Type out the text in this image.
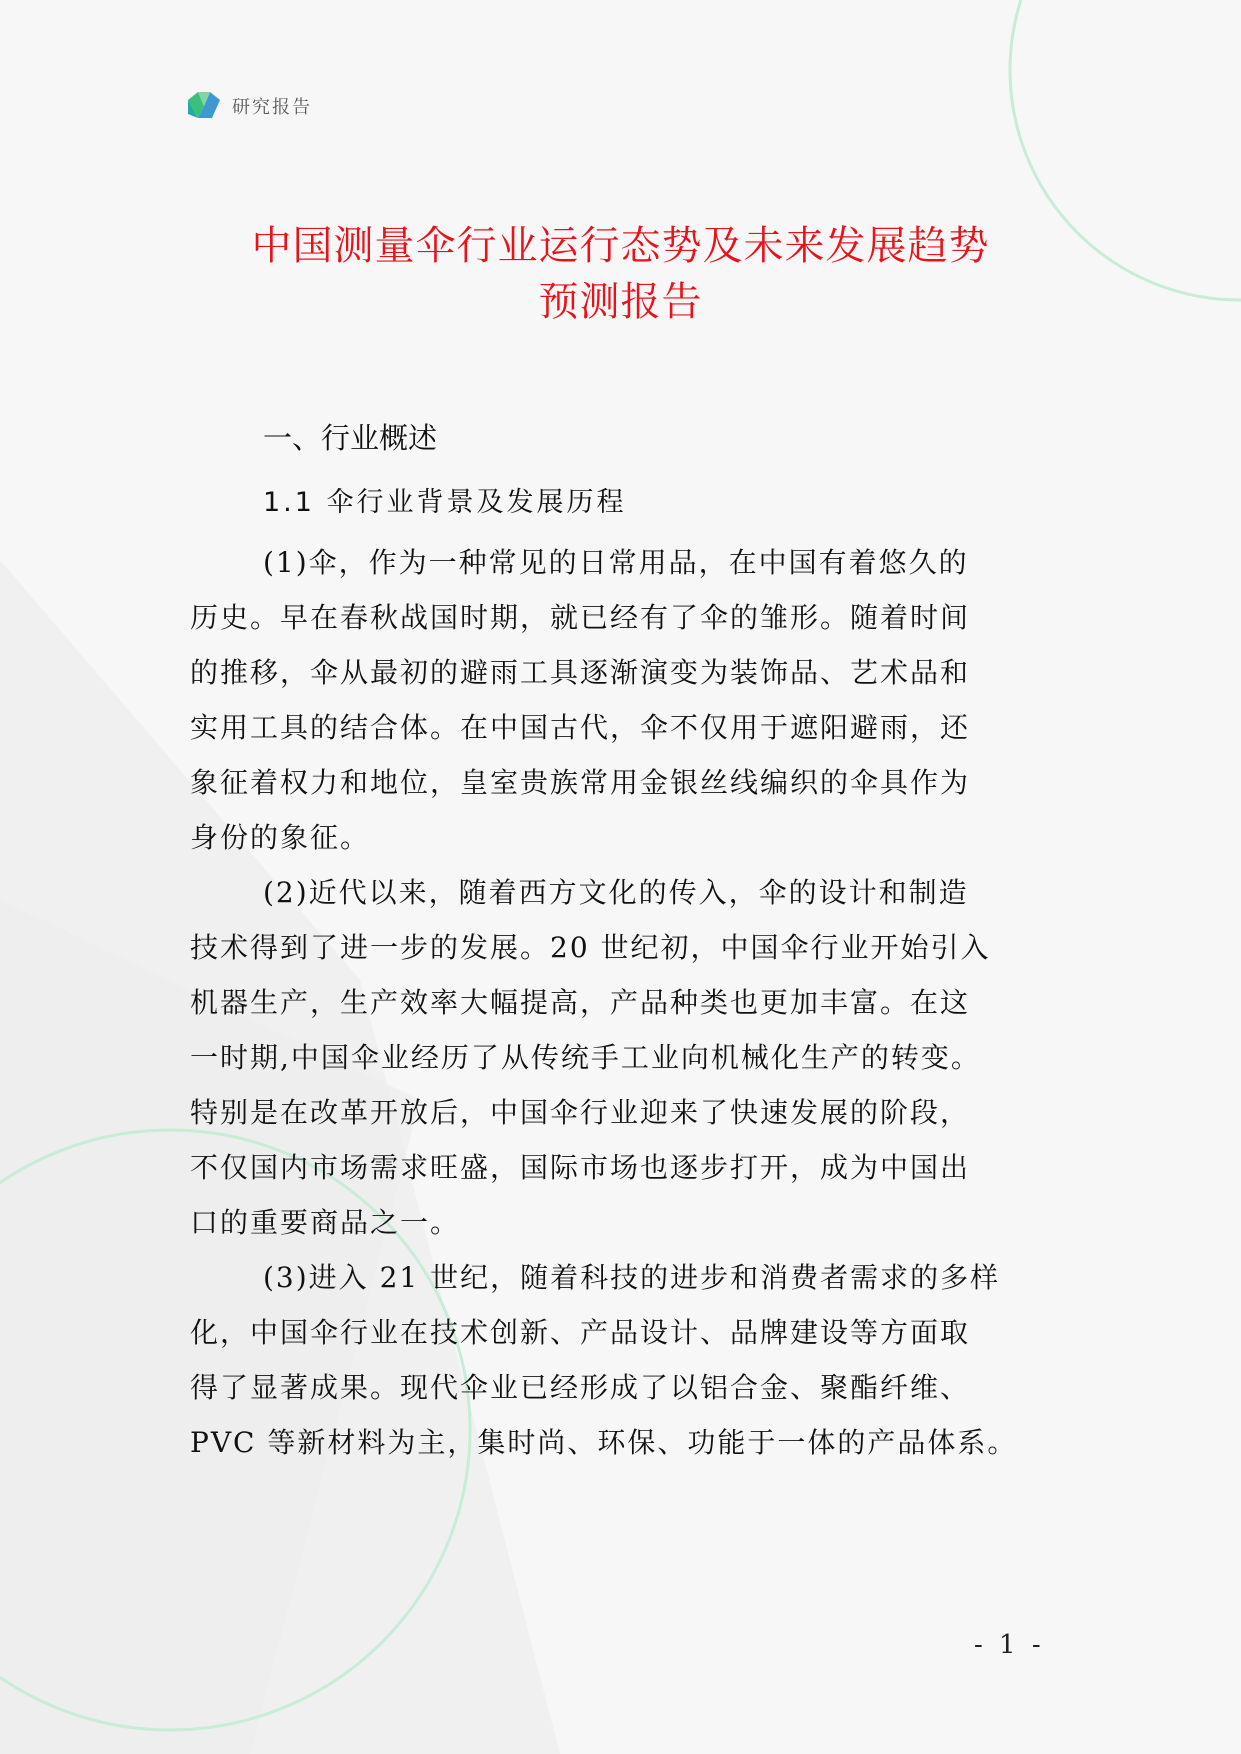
研究报告
中国测量伞行业运行态势及未来发展趋势
预测报告
一、行业概述
1.1 伞行业背景及发展历程
(1)伞，作为一种常见的日常用品，在中国有着悠久的
历史。早在春秋战国时期，就已经有了伞的雏形。随着时间
的推移，伞从最初的避雨工具逐渐演变为装饰品、艺术品和
实用工具的结合体。在中国古代，伞不仅用于遮阳避雨，还
象征着权力和地位，皇室贵族常用金银丝线编织的伞具作为
身份的象征。
(2)近代以来，随着西方文化的传入，伞的设计和制造
技术得到了进一步的发展。20 世纪初，中国伞行业开始引入
机器生产，生产效率大幅提高，产品种类也更加丰富。在这
一时期,中国伞业经历了从传统手工业向机械化生产的转变。
特别是在改革开放后，中国伞行业迎来了快速发展的阶段，
不仅国内市场需求旺盛，国际市场也逐步打开，成为中国出
口的重要商品之一。
(3)进入 21 世纪，随着科技的进步和消费者需求的多样
化，中国伞行业在技术创新、产品设计、品牌建设等方面取
得了显著成果。现代伞业已经形成了以铝合金、聚酯纤维、
PVC 等新材料为主，集时尚、环保、功能于一体的产品体系。
- 1 -
